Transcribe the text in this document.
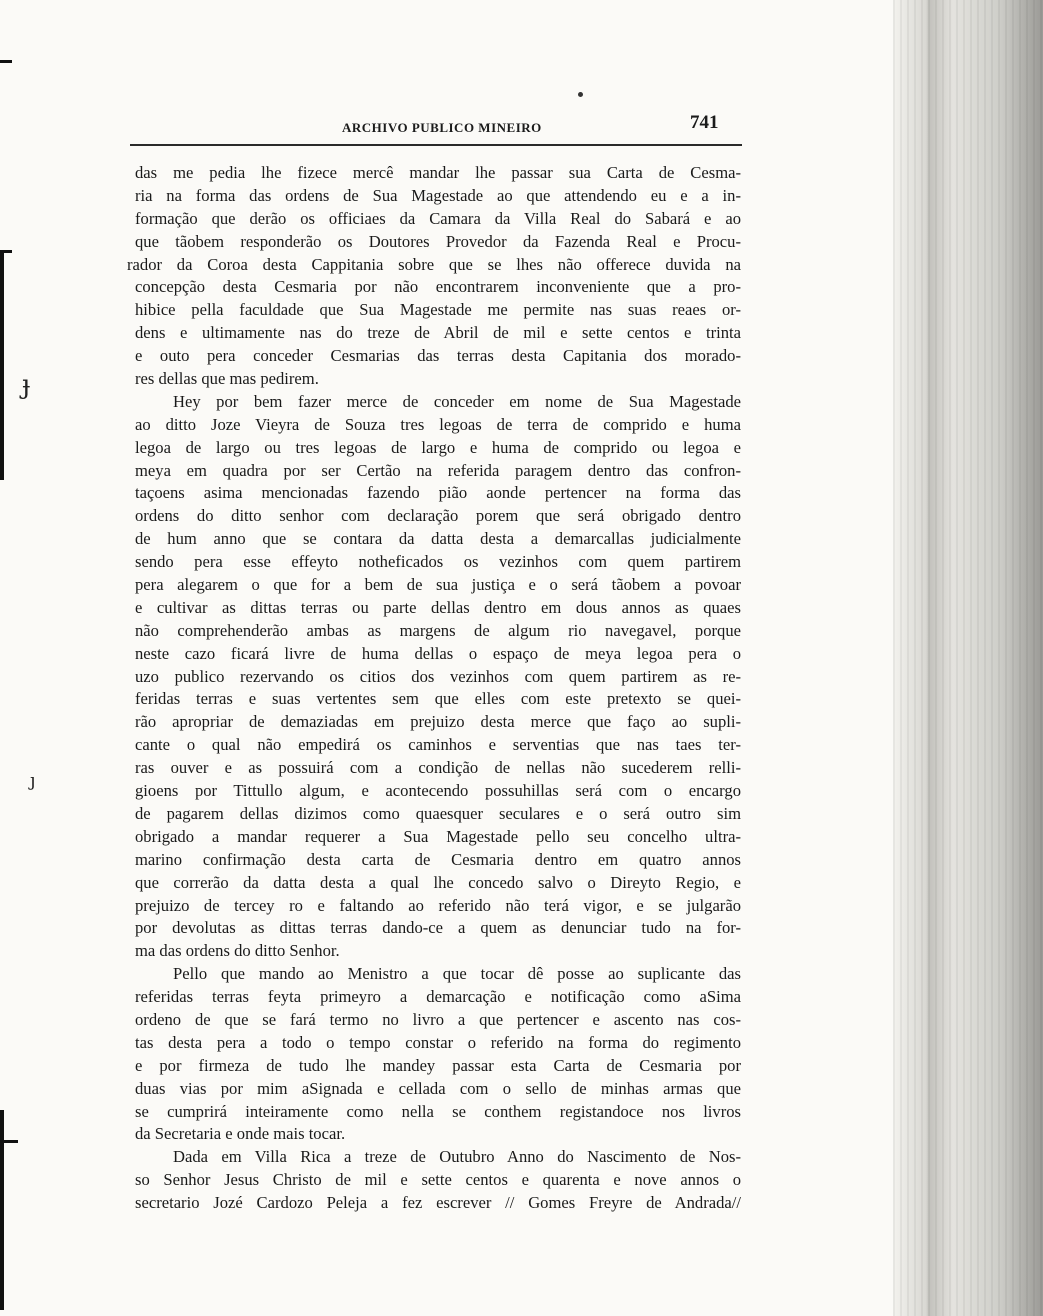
ɟ
ȷ
ARCHIVO PUBLICO MINEIRO	741
das me pedia lhe fizece mercê mandar lhe passar sua Carta de Cesma-
ria na forma das ordens de Sua Magestade ao que attendendo eu e a in-
formação que derão os officiaes da Camara da Villa Real do Sabará e ao
que tãobem responderão os Doutores Provedor da Fazenda Real e Procu-
rador da Coroa desta Cappitania sobre que se lhes não offerece duvida na
concepção desta Cesmaria por não encontrarem inconveniente que a pro-
hibice pella faculdade que Sua Magestade me permite nas suas reaes or-
dens e ultimamente nas do treze de Abril de mil e sette centos e trinta
e outo pera conceder Cesmarias das terras desta Capitania dos morado-
res dellas que mas pedirem.
Hey por bem fazer merce de conceder em nome de Sua Magestade
ao ditto Joze Vieyra de Souza tres legoas de terra de comprido e huma
legoa de largo ou tres legoas de largo e huma de comprido ou legoa e
meya em quadra por ser Certão na referida paragem dentro das confron-
taçoens asima mencionadas fazendo pião aonde pertencer na forma das
ordens do ditto senhor com declaração porem que será obrigado dentro
de hum anno que se contara da datta desta a demarcallas judicialmente
sendo pera esse effeyto notheficados os vezinhos com quem partirem
pera alegarem o que for a bem de sua justiça e o será tãobem a povoar
e cultivar as dittas terras ou parte dellas dentro em dous annos as quaes
não comprehenderão ambas as margens de algum rio navegavel, porque
neste cazo ficará livre de huma dellas o espaço de meya legoa pera o
uzo publico rezervando os citios dos vezinhos com quem partirem as re-
feridas terras e suas vertentes sem que elles com este pretexto se quei-
rão apropriar de demaziadas em prejuizo desta merce que faço ao supli-
cante o qual não empedirá os caminhos e serventias que nas taes ter-
ras ouver e as possuirá com a condição de nellas não sucederem relli-
gioens por Tittullo algum, e acontecendo possuhillas será com o encargo
de pagarem dellas dizimos como quaesquer seculares e o será outro sim
obrigado a mandar requerer a Sua Magestade pello seu concelho ultra-
marino confirmação desta carta de Cesmaria dentro em quatro annos
que correrão da datta desta a qual lhe concedo salvo o Direyto Regio, e
prejuizo de tercey ro e faltando ao referido não terá vigor, e se julgarão
por devolutas as dittas terras dando-ce a quem as denunciar tudo na for-
ma das ordens do ditto Senhor.
Pello que mando ao Menistro a que tocar dê posse ao suplicante das
referidas terras feyta primeyro a demarcação e notificação como aSima
ordeno de que se fará termo no livro a que pertencer e ascento nas cos-
tas desta pera a todo o tempo constar o referido na forma do regimento
e por firmeza de tudo lhe mandey passar esta Carta de Cesmaria por
duas vias por mim aSignada e cellada com o sello de minhas armas que
se cumprirá inteiramente como nella se conthem registandoce nos livros
da Secretaria e onde mais tocar.
Dada em Villa Rica a treze de Outubro Anno do Nascimento de Nos-
so Senhor Jesus Christo de mil e sette centos e quarenta e nove annos o
secretario Jozé Cardozo Peleja a fez escrever // Gomes Freyre de Andrada//
